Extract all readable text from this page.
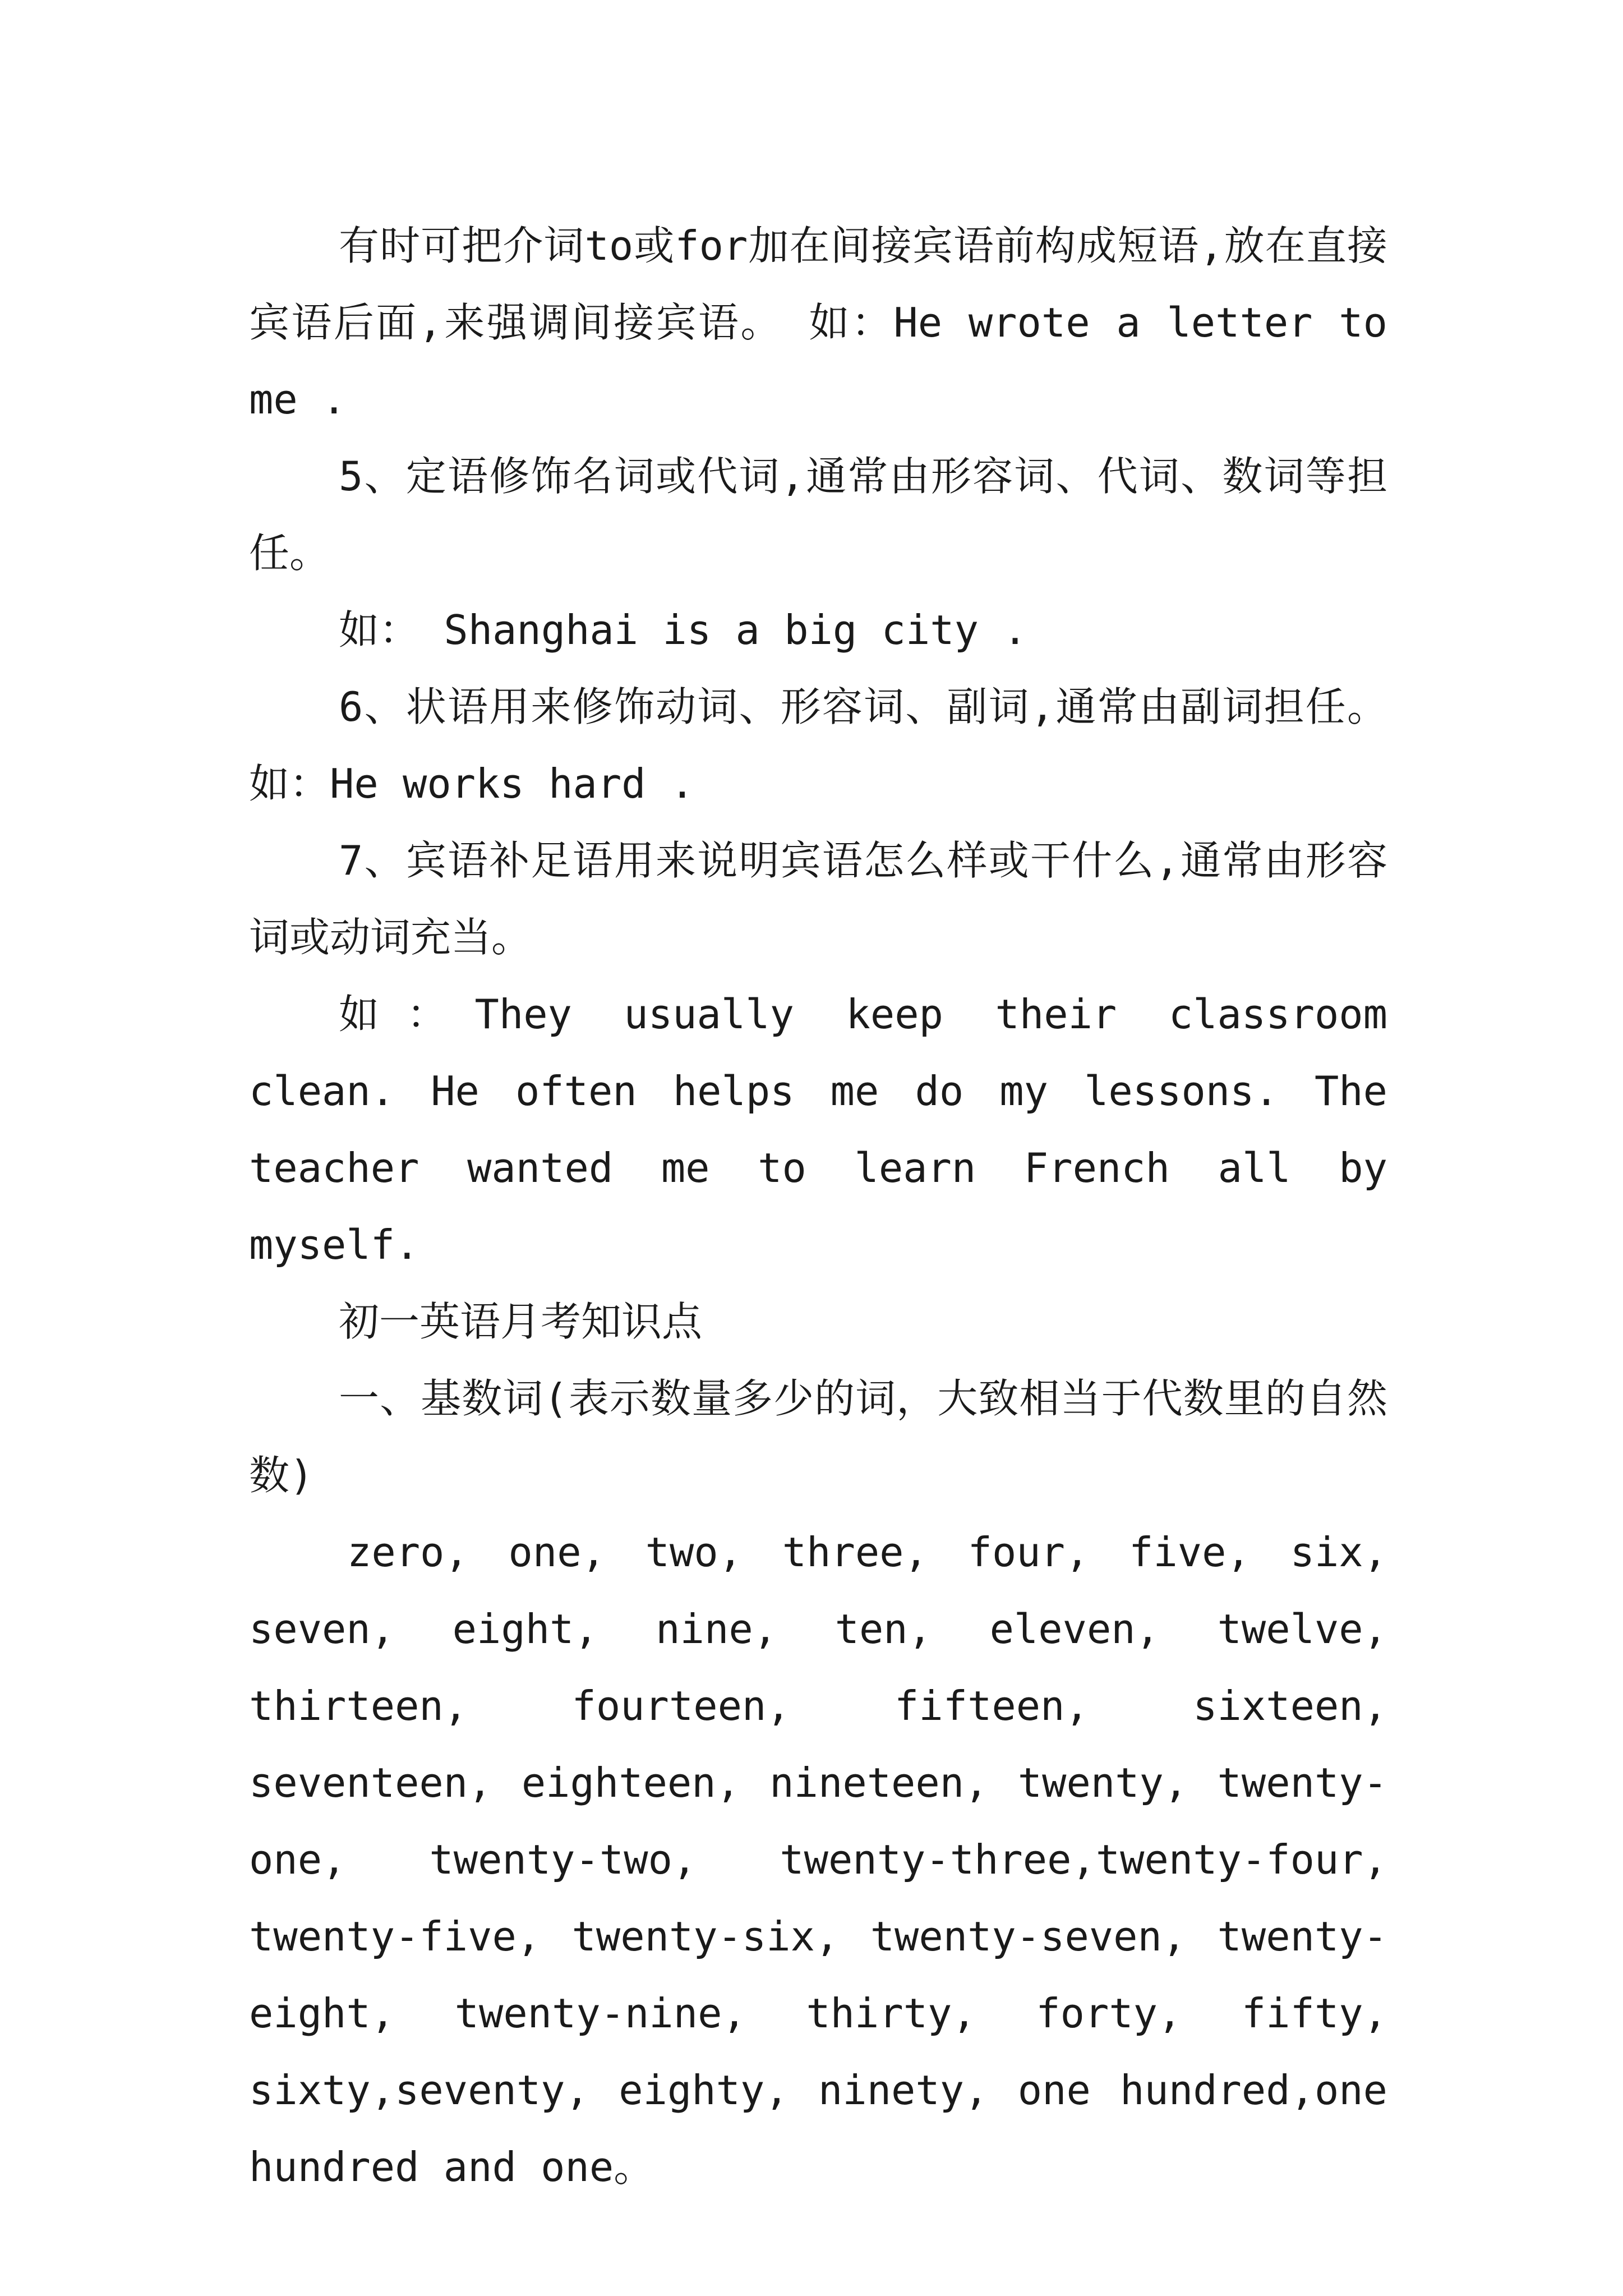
有时可把介词to或for加在间接宾语前构成短语,放在直接宾语后面,来强调间接宾语。 如：He wrote a letter to me .

5、定语修饰名词或代词,通常由形容词、代词、数词等担任。

如： Shanghai is a big city .

6、状语用来修饰动词、形容词、副词,通常由副词担任。如：He works hard .

7、宾语补足语用来说明宾语怎么样或干什么,通常由形容词或动词充当。

如：They usually keep their classroom clean. He often helps me do my lessons. The teacher wanted me to learn French all by myself.

初一英语月考知识点

一、基数词(表示数量多少的词，大致相当于代数里的自然数)

zero, one, two, three, four, five, six, seven, eight, nine, ten, eleven, twelve, thirteen, fourteen, fifteen, sixteen, seventeen, eighteen, nineteen, twenty, twenty-one, twenty-two, twenty-three,twenty-four, twenty-five, twenty-six, twenty-seven, twenty-eight, twenty-nine, thirty, forty, fifty, sixty,seventy, eighty, ninety, one hundred,one hundred and one。
